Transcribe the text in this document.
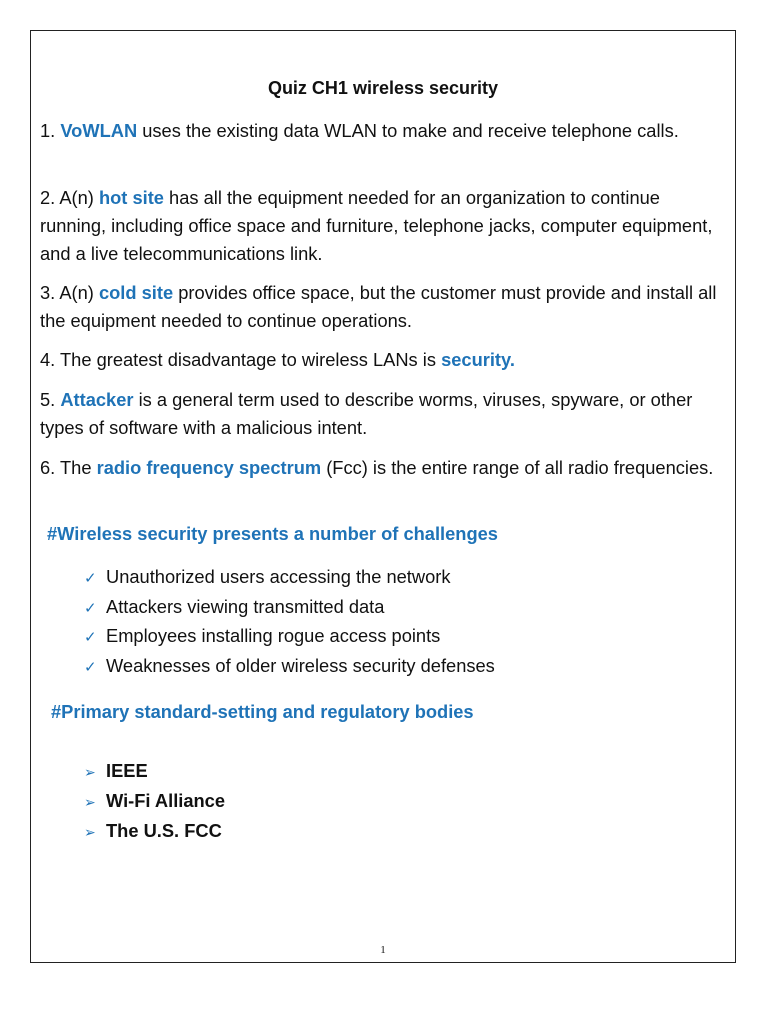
Quiz CH1 wireless security

1. VoWLAN uses the existing data WLAN to make and receive telephone calls.

2. A(n) hot site has all the equipment needed for an organization to continue running, including office space and furniture, telephone jacks, computer equipment, and a live telecommunications link.

3. A(n) cold site provides office space, but the customer must provide and install all the equipment needed to continue operations.

4. The greatest disadvantage to wireless LANs is security.

5. Attacker is a general term used to describe worms, viruses, spyware, or other types of software with a malicious intent.

6. The radio frequency spectrum (Fcc) is the entire range of all radio frequencies.

#Wireless security presents a number of challenges
✓ Unauthorized users accessing the network
✓ Attackers viewing transmitted data
✓ Employees installing rogue access points
✓ Weaknesses of older wireless security defenses
#Primary standard-setting and regulatory bodies
➢ IEEE
➢ Wi-Fi Alliance
➢ The U.S. FCC
1
